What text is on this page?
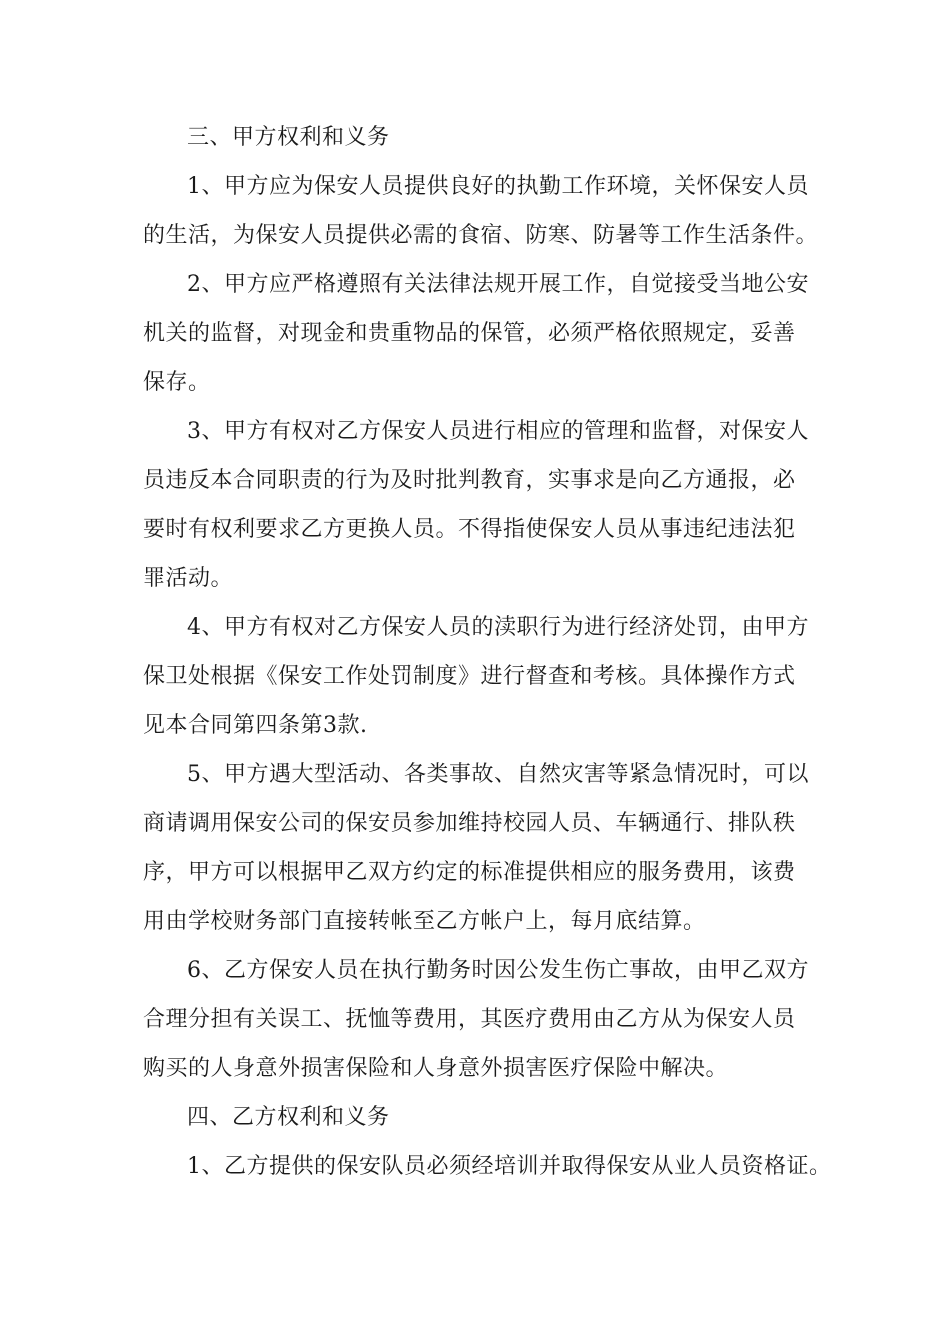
三、甲方权利和义务
1、甲方应为保安人员提供良好的执勤工作环境，关怀保安人员
的生活，为保安人员提供必需的食宿、防寒、防暑等工作生活条件。
2、甲方应严格遵照有关法律法规开展工作，自觉接受当地公安
机关的监督，对现金和贵重物品的保管，必须严格依照规定，妥善
保存。
3、甲方有权对乙方保安人员进行相应的管理和监督，对保安人
员违反本合同职责的行为及时批判教育，实事求是向乙方通报，必
要时有权利要求乙方更换人员。不得指使保安人员从事违纪违法犯
罪活动。
4、甲方有权对乙方保安人员的渎职行为进行经济处罚，由甲方
保卫处根据《保安工作处罚制度》进行督查和考核。具体操作方式
见本合同第四条第3款.
5、甲方遇大型活动、各类事故、自然灾害等紧急情况时，可以
商请调用保安公司的保安员参加维持校园人员、车辆通行、排队秩
序，甲方可以根据甲乙双方约定的标准提供相应的服务费用，该费
用由学校财务部门直接转帐至乙方帐户上，每月底结算。
6、乙方保安人员在执行勤务时因公发生伤亡事故，由甲乙双方
合理分担有关误工、抚恤等费用，其医疗费用由乙方从为保安人员
购买的人身意外损害保险和人身意外损害医疗保险中解决。
四、乙方权利和义务
1、乙方提供的保安队员必须经培训并取得保安从业人员资格证。
